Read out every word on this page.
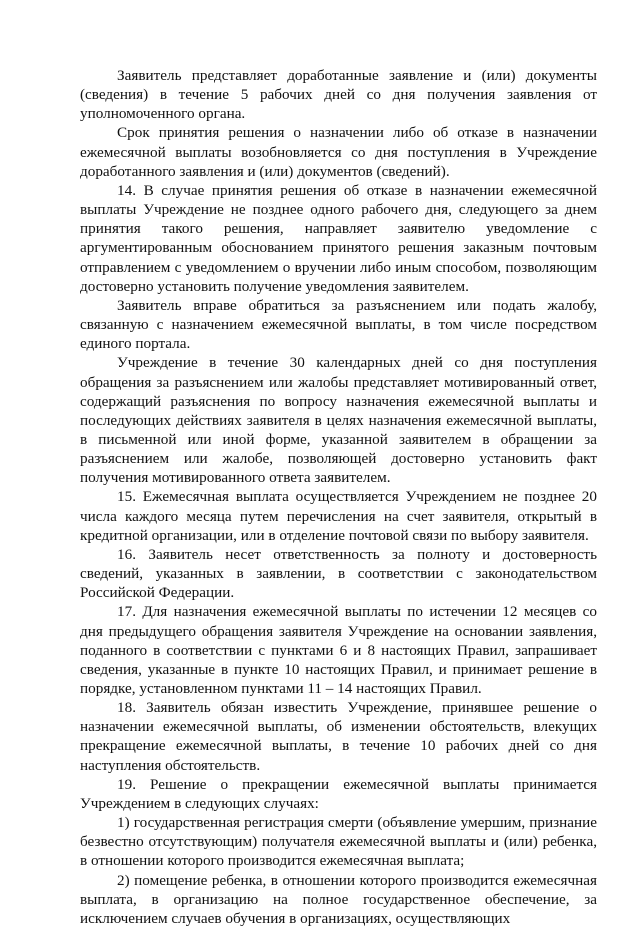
Заявитель представляет доработанные заявление и (или) документы (сведения) в течение 5 рабочих дней со дня получения заявления от уполномоченного органа.

Срок принятия решения о назначении либо об отказе в назначении ежемесячной выплаты возобновляется со дня поступления в Учреждение доработанного заявления и (или) документов (сведений).

14. В случае принятия решения об отказе в назначении ежемесячной выплаты Учреждение не позднее одного рабочего дня, следующего за днем принятия такого решения, направляет заявителю уведомление с аргументированным обоснованием принятого решения заказным почтовым отправлением с уведомлением о вручении либо иным способом, позволяющим достоверно установить получение уведомления заявителем.

Заявитель вправе обратиться за разъяснением или подать жалобу, связанную с назначением ежемесячной выплаты, в том числе посредством единого портала.

Учреждение в течение 30 календарных дней со дня поступления обращения за разъяснением или жалобы представляет мотивированный ответ, содержащий разъяснения по вопросу назначения ежемесячной выплаты и последующих действиях заявителя в целях назначения ежемесячной выплаты, в письменной или иной форме, указанной заявителем в обращении за разъяснением или жалобе, позволяющей достоверно установить факт получения мотивированного ответа заявителем.

15. Ежемесячная выплата осуществляется Учреждением не позднее 20 числа каждого месяца путем перечисления на счет заявителя, открытый в кредитной организации, или в отделение почтовой связи по выбору заявителя.

16. Заявитель несет ответственность за полноту и достоверность сведений, указанных в заявлении, в соответствии с законодательством Российской Федерации.

17. Для назначения ежемесячной выплаты по истечении 12 месяцев со дня предыдущего обращения заявителя Учреждение на основании заявления, поданного в соответствии с пунктами 6 и 8 настоящих Правил, запрашивает сведения, указанные в пункте 10 настоящих Правил, и принимает решение в порядке, установленном пунктами 11 – 14 настоящих Правил.

18. Заявитель обязан известить Учреждение, принявшее решение о назначении ежемесячной выплаты, об изменении обстоятельств, влекущих прекращение ежемесячной выплаты, в течение 10 рабочих дней со дня наступления обстоятельств.

19. Решение о прекращении ежемесячной выплаты принимается Учреждением в следующих случаях:

1) государственная регистрация смерти (объявление умершим, признание безвестно отсутствующим) получателя ежемесячной выплаты и (или) ребенка, в отношении которого производится ежемесячная выплата;

2) помещение ребенка, в отношении которого производится ежемесячная выплата, в организацию на полное государственное обеспечение, за исключением случаев обучения в организациях, осуществляющих
